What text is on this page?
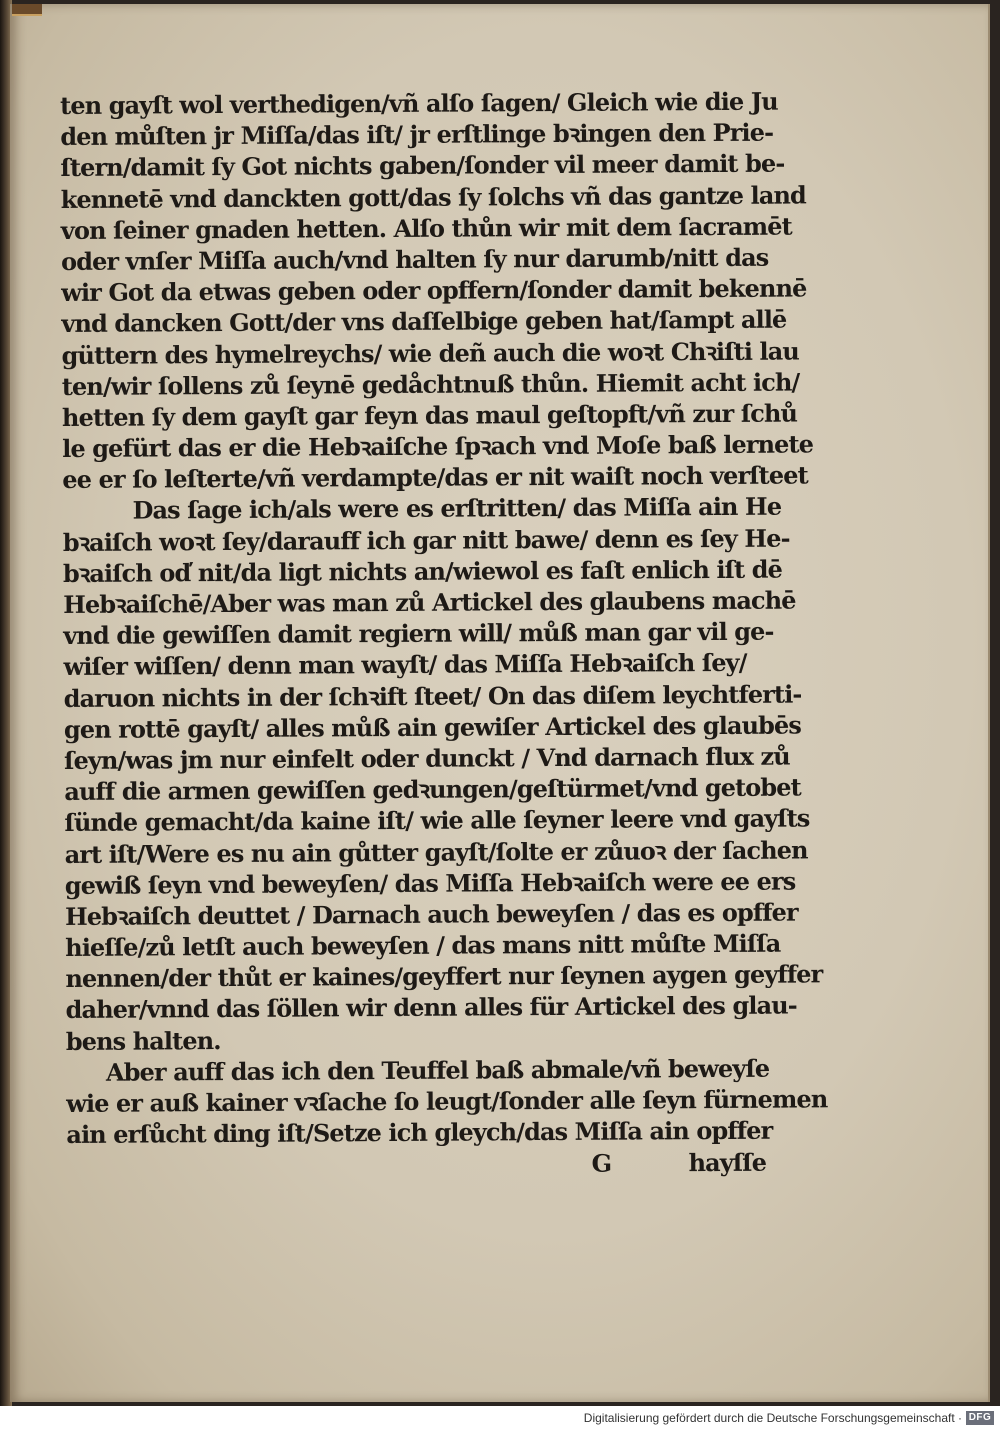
ten gayſt wol verthedigen/vñ alſo ſagen/ Gleich wie die Ju
den můſten jr Miſſa/das iſt/ jr erſtlinge bꝛingen den Prie-
ſtern/damit ſy Got nichts gaben/ſonder vil meer damit be-
kennetē vnd danckten gott/das ſy ſolchs vñ das gantze land
von ſeiner gnaden hetten. Alſo thůn wir mit dem ſacramēt
oder vnſer Miſſa auch/vnd halten ſy nur darumb/nitt das
wir Got da etwas geben oder opffern/ſonder damit bekennē
vnd dancken Gott/der vns daſſelbige geben hat/ſampt allē
güttern des hymelreychs/ wie deñ auch die woꝛt Chꝛiſti lau
ten/wir ſollens zů ſeynē gedåchtnuß thůn. Hiemit acht ich/
hetten ſy dem gayſt gar feyn das maul geſtopft/vñ zur ſchů
le gefürt das er die Hebꝛaiſche ſpꝛach vnd Moſe baß lernete
ee er ſo leſterte/vñ verdampte/das er nit waiſt noch verſteet
Das ſage ich/als were es erſtritten/ das Miſſa ain He
bꝛaiſch woꝛt ſey/darauff ich gar nitt bawe/ denn es ſey He-
bꝛaiſch od̕ nit/da ligt nichts an/wiewol es faſt enlich iſt dē
Hebꝛaiſchē/Aber was man zů Artickel des glaubens machē
vnd die gewiſſen damit regiern will/ můß man gar vil ge-
wiſer wiſſen/ denn man wayſt/ das Miſſa Hebꝛaiſch ſey/
daruon nichts in der ſchꝛift ſteet/ On das diſem leychtferti-
gen rottē gayſt/ alles můß ain gewiſer Artickel des glaubēs
ſeyn/was jm nur einfelt oder dunckt / Vnd darnach flux zů
auff die armen gewiſſen gedꝛungen/geſtürmet/vnd getobet
ſünde gemacht/da kaine iſt/ wie alle ſeyner leere vnd gayſts
art iſt/Were es nu ain gůtter gayſt/ſolte er zůuoꝛ der ſachen
gewiß ſeyn vnd beweyſen/ das Miſſa Hebꝛaiſch were ee ers
Hebꝛaiſch deuttet / Darnach auch beweyſen / das es opffer
hieſſe/zů letſt auch beweyſen / das mans nitt můſte Miſſa
nennen/der thůt er kaines/geyffert nur ſeynen aygen geyffer
daher/vnnd das ſöllen wir denn alles für Artickel des glau-
bens halten.
Aber auff das ich den Teuffel baß abmale/vñ beweyſe
wie er auß kainer vꝛſache ſo leugt/ſonder alle ſeyn fürnemen
ain erſůcht ding iſt/Setze ich gleych/das Miſſa ain opffer
G	hayſſe
Digitalisierung gefördert durch die Deutsche Forschungsgemeinschaft · DFG
